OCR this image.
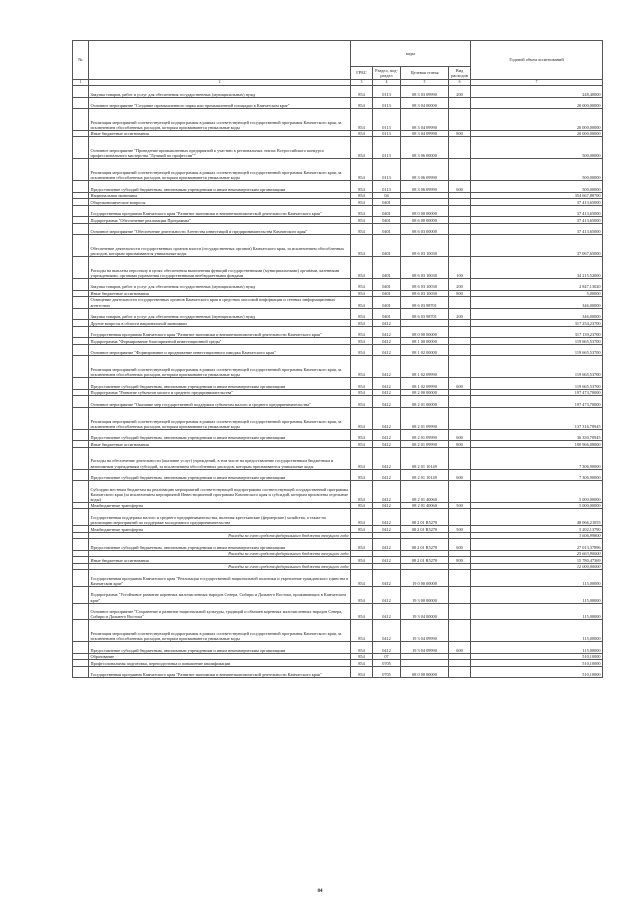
№		коды				Годовой объем ассигнований
		ГРБС	Раздел, под- раздел	Целевая статья	Вид расходов	
1	2	3	4	5	6	7
	Закупка товаров, работ и услуг для обеспечения государственных (муниципальных) нужд	854	0113	08 3 03 09990	200	248,40000
	Основное мероприятие "Создание промышленного парка или промышленной площадки в Камчатском крае"	854	0113	08 3 04 00000		20 000,00000
	Реализация мероприятий соответствующей подпрограммы в рамках соответствующей государственной программы Камчатского края, за исключением обособленных расходов, которым присваиваются уникальные коды	854	0113	08 3 04 09990		20 000,00000
	Иные бюджетные ассигнования	854	0113	08 3 04 09990	800	20 000,00000
	Основное мероприятие "Проведение промышленных предприятий к участию в региональных этапах Всероссийского конкурса профессионального мастерства "Лучший по профессии""	854	0113	08 3 06 00000		500,00000
	Реализация мероприятий соответствующей подпрограммы в рамках соответствующей государственной программы Камчатского края, за исключением обособленных расходов, которым присваиваются уникальные коды	854	0113	08 3 06 09990		500,00000
	Предоставление субсидий бюджетным, автономным учреждениям и иным некоммерческим организациям	854	0113	08 3 06 09990	600	500,00000
	Национальная экономика	854	04			354 667,88700
	Общеэкономические вопросы	854	0401			37 413,65000
	Государственная программа Камчатского края "Развитие экономики и внешнеэкономической деятельности Камчатского края"	854	0401	08 0 00 00000		37 413,65000
	Подпрограмма "Обеспечение реализации Программы"	854	0401	08 6 00 00000		37 413,65000
	Основное мероприятие "Обеспечение деятельности Агентства инвестиций и предпринимательства Камчатского края"	854	0401	08 6 03 00000		37 413,65000
	Обеспечение деятельности государственных органов власти (государственных органов) Камчатского края, за исключением обособленных расходов, которым присваиваются уникальные коды	854	0401	08 6 03 10030		37 067,65000
	Расходы на выплаты персоналу в целях обеспечения выполнения функций государственными (муниципальными) органами, казенными учреждениями, органами управления государственными внебюджетными фондами	854	0401	08 6 03 10030	100	34 215,52000
	Закупка товаров, работ и услуг для обеспечения государственных (муниципальных) нужд	854	0401	08 6 03 10030	200	2 847,13020
	Иные бюджетные ассигнования	854	0401	08 6 03 10030	800	5,00000
	Освещение деятельности государственных органов Камчатского края в средствах массовой информации и сетевых информационных агентствах	854	0401	08 6 03 98701		346,00000
	Закупка товаров, работ и услуг для обеспечения государственных (муниципальных) нужд	854	0401	08 6 03 98701	200	346,00000
	Другие вопросы в области национальной экономики	854	0412			317 254,23700
	Государственная программа Камчатского края "Развитие экономики и внешнеэкономической деятельности Камчатского края"	854	0412	08 0 00 00000		317 139,23700
	Подпрограмма "Формирование благоприятной инвестиционной среды"	854	0412	08 1 00 00000		119 665,53700
	Основное мероприятие "Формирование и продвижение инвестиционного имиджа Камчатского края"	854	0412	08 1 02 00000		119 665,53700
	Реализация мероприятий соответствующей подпрограммы в рамках соответствующей государственной программы Камчатского края, за исключением обособленных расходов, которым присваиваются уникальные коды	854	0412	08 1 02 09990		119 665,53700
	Предоставление субсидий бюджетным, автономным учреждениям и иным некоммерческим организациям	854	0412	08 1 02 09990	600	119 665,53700
	Подпрограмма "Развитие субъектов малого и среднего предпринимательства"	854	0412	08 2 00 00000		197 473,70000
	Основное мероприятие "Оказание мер государственной поддержки субъектам малого и среднего предпринимательства"	854	0412	08 2 01 00000		197 473,70000
	Реализация мероприятий соответствующей подпрограммы в рамках соответствующей государственной программы Камчатского края, за исключением обособленных расходов, которым присваиваются уникальные коды	854	0412	08 2 01 09990		137 316,78945
	Предоставление субсидий бюджетным, автономным учреждениям и иным некоммерческим организациям	854	0412	08 2 01 09990	600	36 350,70945
	Иные бюджетные ассигнования	854	0412	08 2 01 09990	800	100 966,08000
	Расходы на обеспечение деятельности (оказание услуг) учреждений, в том числе на предоставление государственным бюджетным и автономным учреждениям субсидий, за исключением обособленных расходов, которым присваиваются уникальные коды	854	0412	08 2 01 10149		7 306,90000
	Предоставление субсидий бюджетным, автономным учреждениям и иным некоммерческим организациям	854	0412	08 2 01 10149	600	7 306,90000
	Субсидии местным бюджетам на реализацию мероприятий соответствующей подпрограммы соответствующей государственной программы Камчатского края (за исключением мероприятий Инвестиционной программы Камчатского края и субсидий, которым присвоены отдельные коды)	854	0412	08 2 01 40060		5 000,00000
	Межбюджетные трансферты	854	0412	08 2 01 40060	500	5 000,00000
	Государственная поддержка малого и среднего предпринимательства, включая крестьянские (фермерские) хозяйства, а также на реализацию мероприятий по поддержке молодежного предпринимательства	854	0412	08 2 01 R5270		48 066,21055
	Межбюджетные трансферты	854	0412	08 2 01 R5270	500	5 202,13790
	Расходы за счет средств федерального бюджета текущего года					3 606,99800
	Предоставление субсидий бюджетным, автономным учреждениям и иным некоммерческим организациям	854	0412	08 2 01 R5270	600	27 013,37896
	Расходы за счет средств федерального бюджета текущего года					25 663,90000
	Иные бюджетные ассигнования	854	0412	08 2 01 R5270	800	15 780,47369
	Расходы за счет средств федерального бюджета текущего года					12 000,00000
	Государственная программа Камчатского края "Реализация государственной национальной политики и укрепление гражданского единства в Камчатском крае"	854	0412	19 0 00 00000		115,00000
	Подпрограмма "Устойчивое развитие коренных малочисленных народов Севера, Сибири и Дальнего Востока, проживающих в Камчатском крае"	854	0412	19 3 00 00000		115,00000
	Основное мероприятие "Сохранение и развитие национальной культуры, традиций и обычаев коренных малочисленных народов Севера, Сибири и Дальнего Востока"	854	0412	19 3 04 00000		115,00000
	Реализация мероприятий соответствующей подпрограммы в рамках соответствующей государственной программы Камчатского края, за исключением обособленных расходов, которым присваиваются уникальные коды	854	0412	19 3 04 09990		115,00000
	Предоставление субсидий бюджетным, автономным учреждениям и иным некоммерческим организациям	854	0412	19 3 04 09990	600	115,00000
	Образование	854	07			510,10000
	Профессиональная подготовка, переподготовка и повышение квалификации	854	0705			510,10000
	Государственная программа Камчатского края "Развитие экономики и внешнеэкономической деятельности Камчатского края"	854	0705	08 0 00 00000		510,10000
84
